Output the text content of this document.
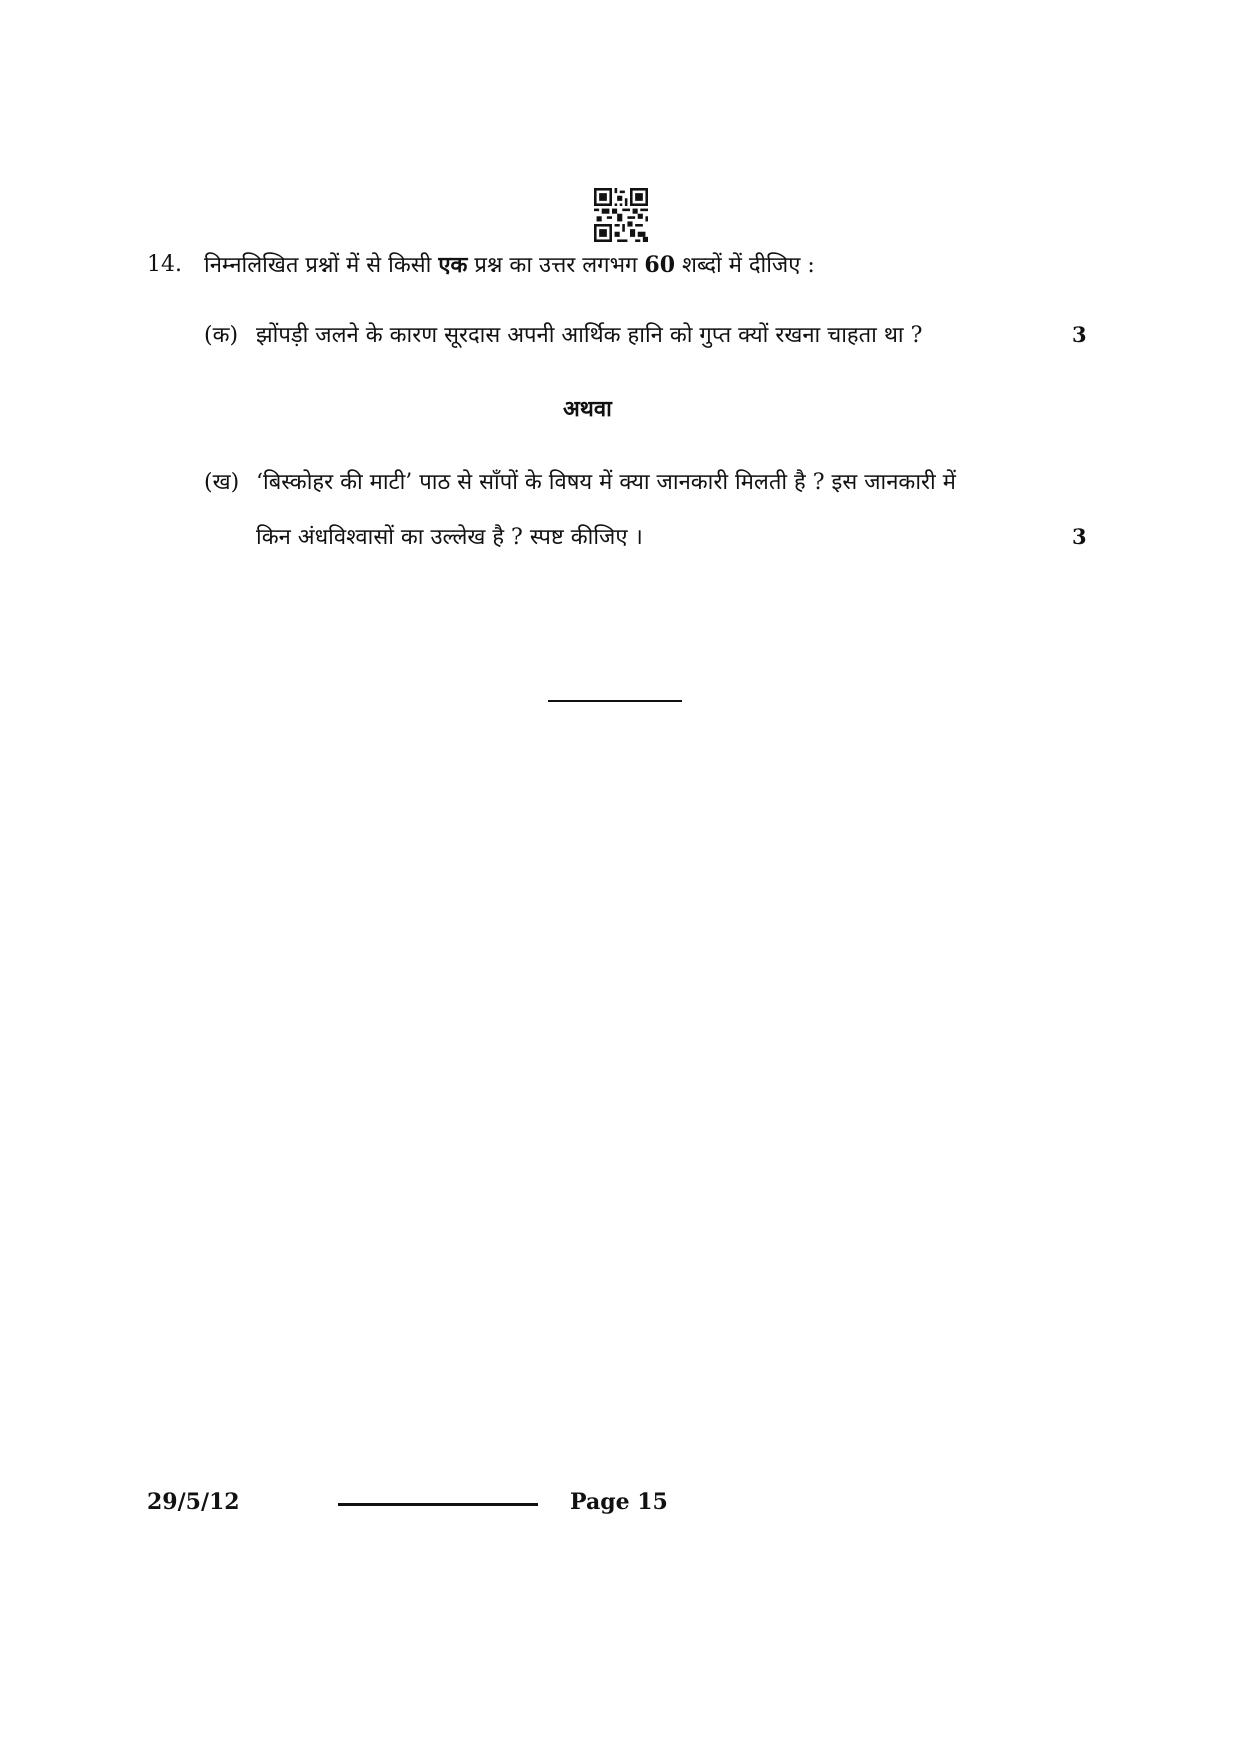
14. निम्नलिखित प्रश्नों में से किसी एक प्रश्न का उत्तर लगभग 60 शब्दों में दीजिए :
(क) झोंपड़ी जलने के कारण सूरदास अपनी आर्थिक हानि को गुप्त क्यों रखना चाहता था ?	3
अथवा
(ख) ‘बिस्कोहर की माटी’ पाठ से साँपों के विषय में क्या जानकारी मिलती है ? इस जानकारी में
किन अंधविश्वासों का उल्लेख है ? स्पष्ट कीजिए ।	3
29/5/12	Page 15
